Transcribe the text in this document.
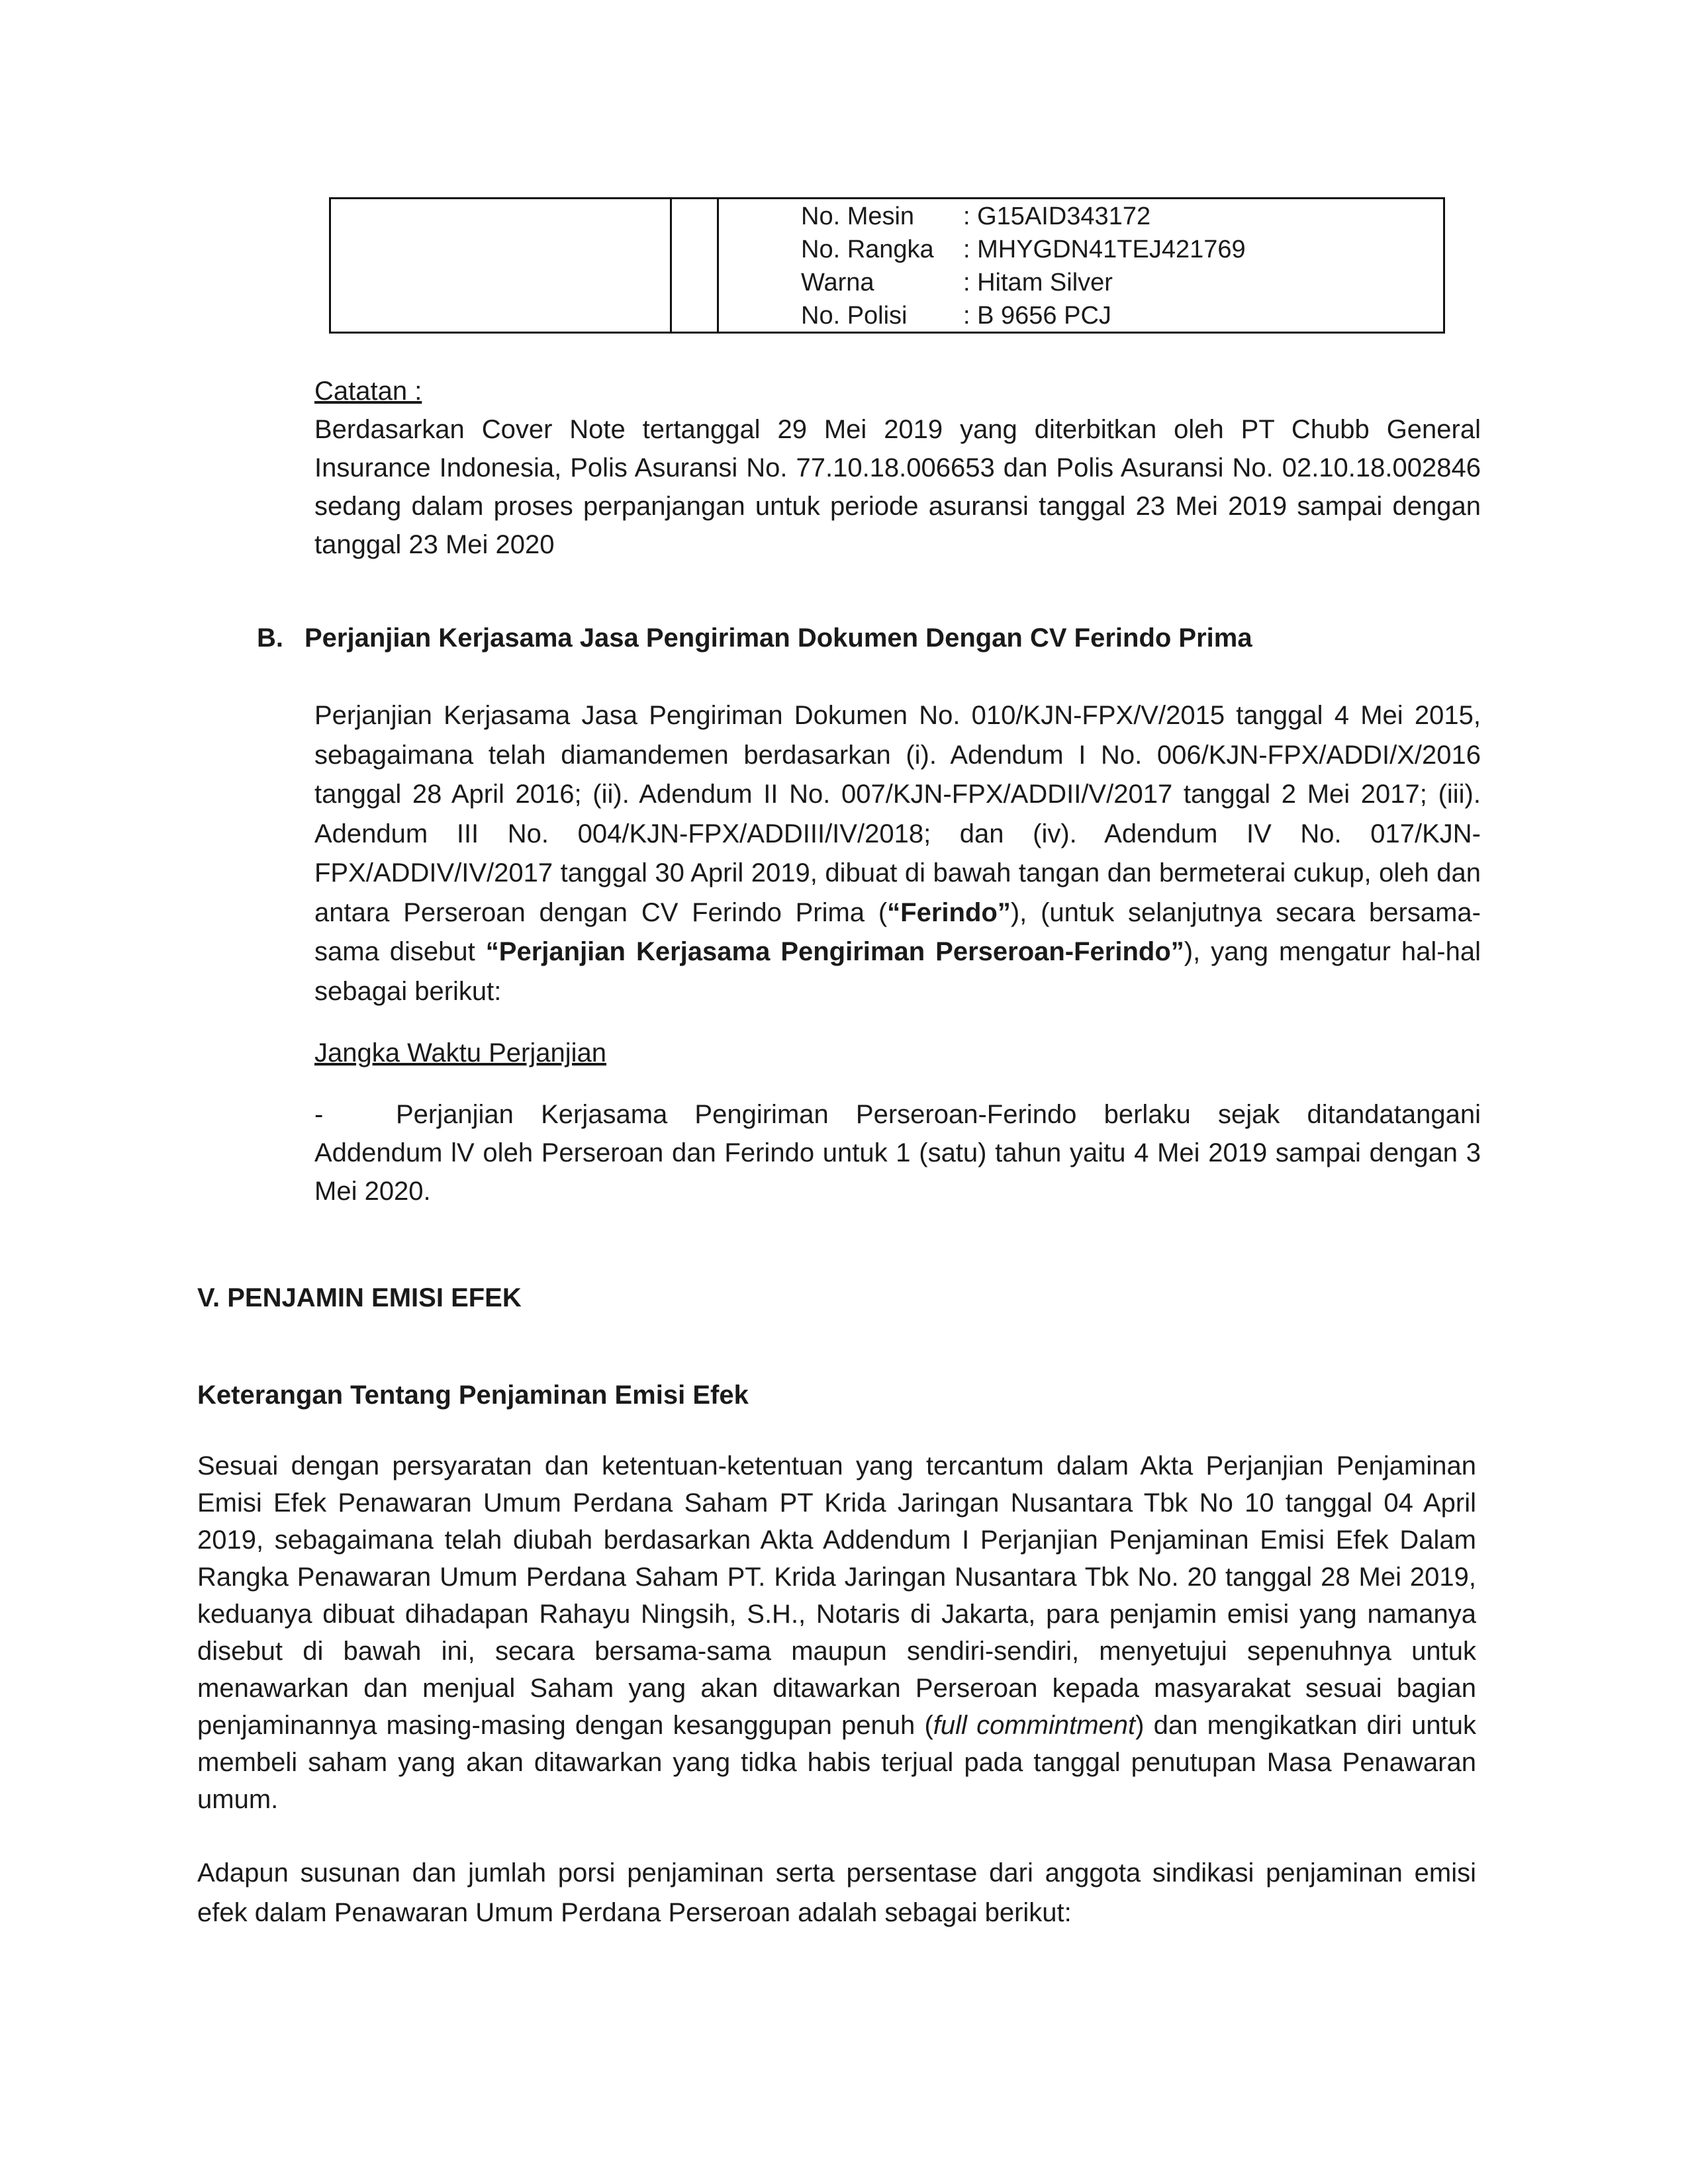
No. Mesin : G15AID343172
No. Rangka : MHYGDN41TEJ421769
Warna	: Hitam Silver
No. Polisi : B 9656 PCJ
Catatan :
Berdasarkan Cover Note tertanggal 29 Mei 2019 yang diterbitkan oleh PT Chubb General Insurance Indonesia, Polis Asuransi No. 77.10.18.006653 dan Polis Asuransi No. 02.10.18.002846 sedang dalam proses perpanjangan untuk periode asuransi tanggal 23 Mei 2019 sampai dengan tanggal 23 Mei 2020
B. Perjanjian Kerjasama Jasa Pengiriman Dokumen Dengan CV Ferindo Prima
Perjanjian Kerjasama Jasa Pengiriman Dokumen No. 010/KJN-FPX/V/2015 tanggal 4 Mei 2015, sebagaimana telah diamandemen berdasarkan (i). Adendum I No. 006/KJN-FPX/ADDI/X/2016 tanggal 28 April 2016; (ii). Adendum II No. 007/KJN-FPX/ADDII/V/2017 tanggal 2 Mei 2017; (iii). Adendum III No. 004/KJN-FPX/ADDIII/IV/2018; dan (iv). Adendum IV No. 017/KJN-FPX/ADDIV/IV/2017 tanggal 30 April 2019, dibuat di bawah tangan dan bermeterai cukup, oleh dan antara Perseroan dengan CV Ferindo Prima (“Ferindo”), (untuk selanjutnya secara bersama-sama disebut “Perjanjian Kerjasama Pengiriman Perseroan-Ferindo”), yang mengatur hal-hal sebagai berikut:
Jangka Waktu Perjanjian
-	Perjanjian Kerjasama Pengiriman Perseroan-Ferindo berlaku sejak ditandatangani
Addendum lV oleh Perseroan dan Ferindo untuk 1 (satu) tahun yaitu 4 Mei 2019 sampai dengan 3 Mei 2020.
V. PENJAMIN EMISI EFEK
Keterangan Tentang Penjaminan Emisi Efek
Sesuai dengan persyaratan dan ketentuan-ketentuan yang tercantum dalam Akta Perjanjian Penjaminan Emisi Efek Penawaran Umum Perdana Saham PT Krida Jaringan Nusantara Tbk No 10 tanggal 04 April 2019, sebagaimana telah diubah berdasarkan Akta Addendum I Perjanjian Penjaminan Emisi Efek Dalam Rangka Penawaran Umum Perdana Saham PT. Krida Jaringan Nusantara Tbk No. 20 tanggal 28 Mei 2019, keduanya dibuat dihadapan Rahayu Ningsih, S.H., Notaris di Jakarta, para penjamin emisi yang namanya disebut di bawah ini, secara bersama-sama maupun sendiri-sendiri, menyetujui sepenuhnya untuk menawarkan dan menjual Saham yang akan ditawarkan Perseroan kepada masyarakat sesuai bagian penjaminannya masing-masing dengan kesanggupan penuh (full commintment) dan mengikatkan diri untuk membeli saham yang akan ditawarkan yang tidka habis terjual pada tanggal penutupan Masa Penawaran umum.
Adapun susunan dan jumlah porsi penjaminan serta persentase dari anggota sindikasi penjaminan emisi efek dalam Penawaran Umum Perdana Perseroan adalah sebagai berikut:
